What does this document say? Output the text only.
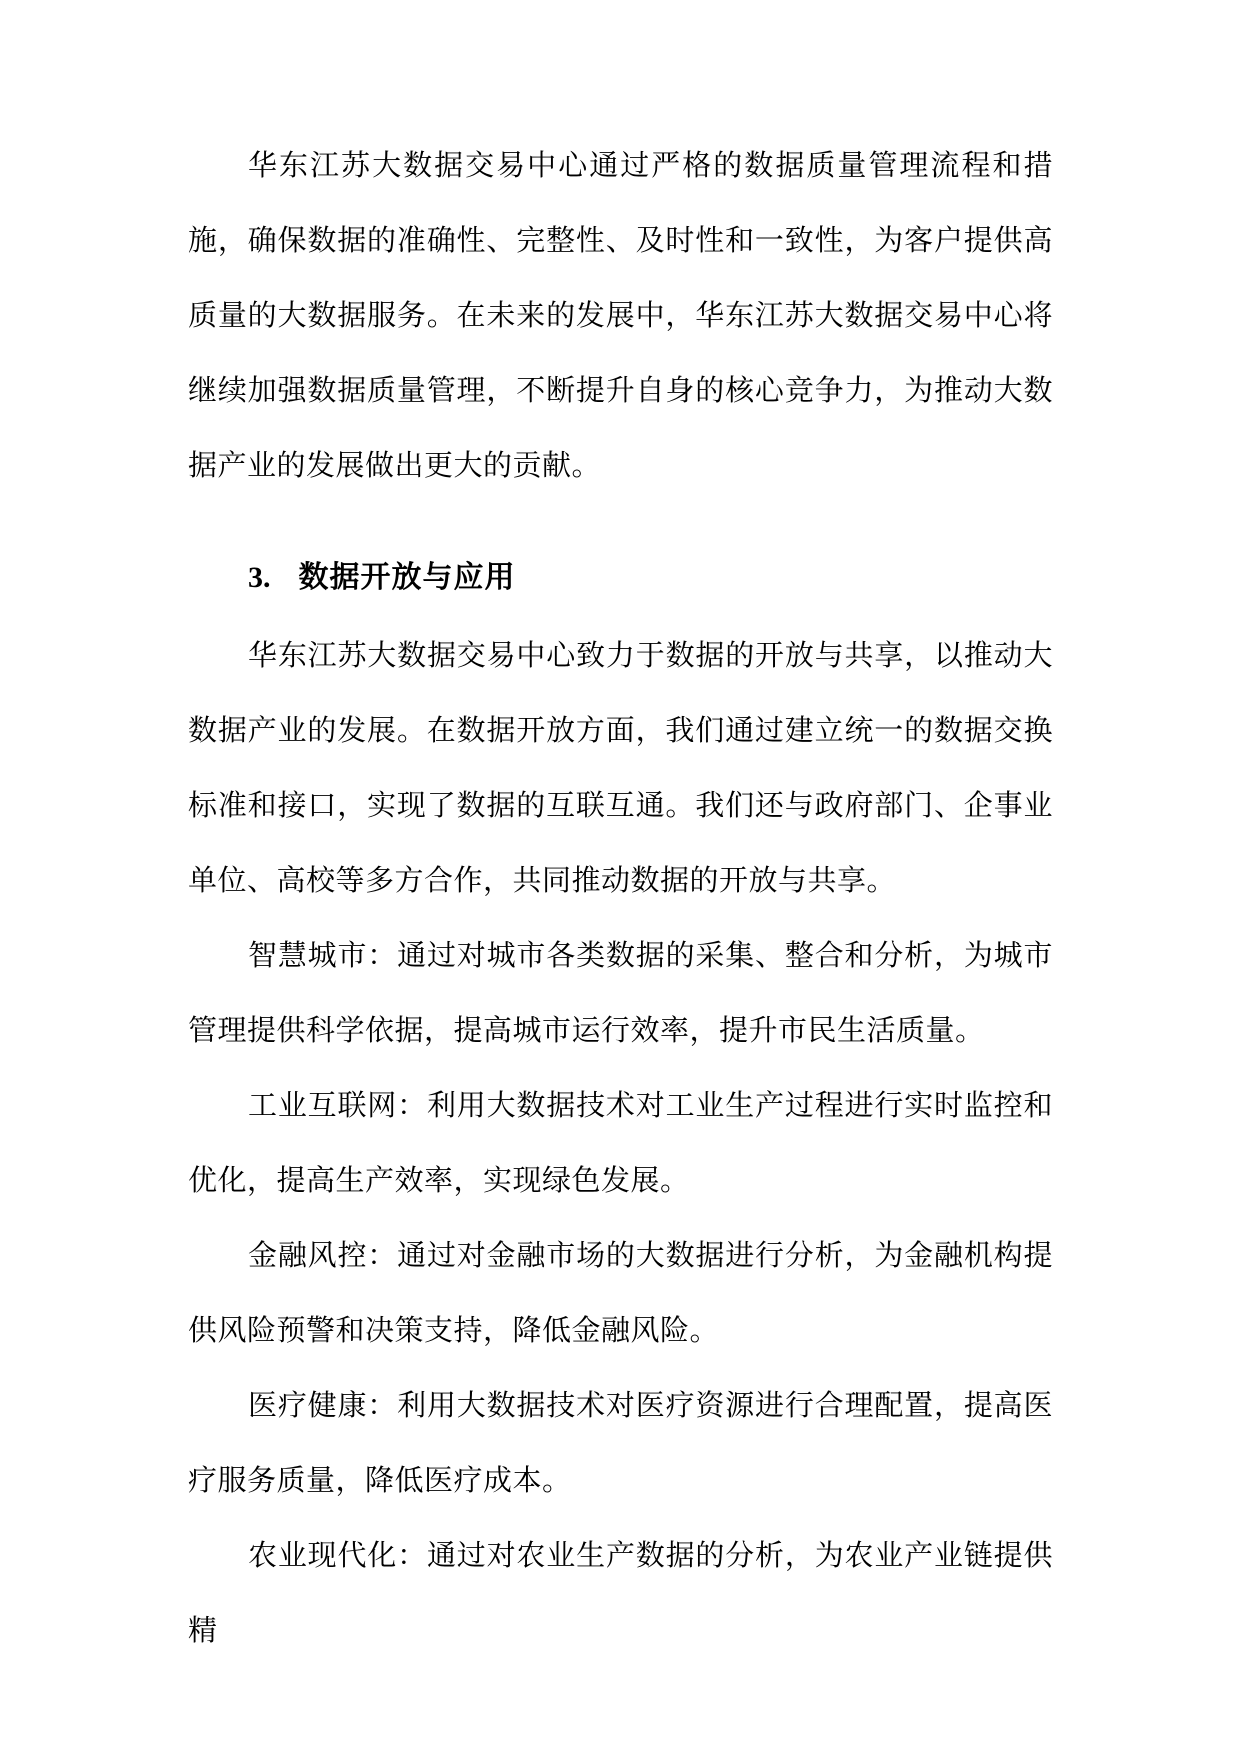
华东江苏大数据交易中心通过严格的数据质量管理流程和措施，确保数据的准确性、完整性、及时性和一致性，为客户提供高质量的大数据服务。在未来的发展中，华东江苏大数据交易中心将继续加强数据质量管理，不断提升自身的核心竞争力，为推动大数据产业的发展做出更大的贡献。

3. 数据开放与应用

华东江苏大数据交易中心致力于数据的开放与共享，以推动大数据产业的发展。在数据开放方面，我们通过建立统一的数据交换标准和接口，实现了数据的互联互通。我们还与政府部门、企事业单位、高校等多方合作，共同推动数据的开放与共享。

智慧城市：通过对城市各类数据的采集、整合和分析，为城市管理提供科学依据，提高城市运行效率，提升市民生活质量。

工业互联网：利用大数据技术对工业生产过程进行实时监控和优化，提高生产效率，实现绿色发展。

金融风控：通过对金融市场的大数据进行分析，为金融机构提供风险预警和决策支持，降低金融风险。

医疗健康：利用大数据技术对医疗资源进行合理配置，提高医疗服务质量，降低医疗成本。

农业现代化：通过对农业生产数据的分析，为农业产业链提供精
